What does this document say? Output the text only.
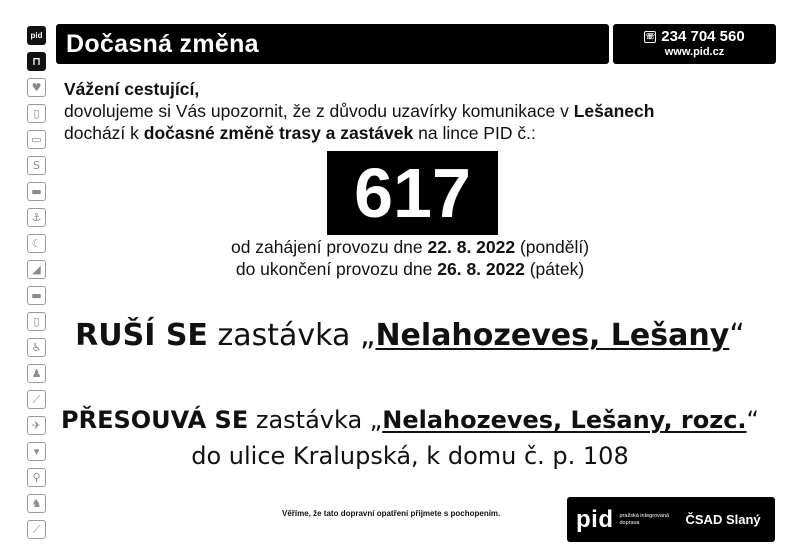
pid
⊓
♥
▯
▭
S
▬
⚓
☾
◢
▬
▯
♿
♟
⟋
✈
▾
⚲
♞
⟋
Dočasná změna	☏ 234 704 560
www.pid.cz
Vážení cestující,
dovolujeme si Vás upozornit, že z důvodu uzavírky komunikace v Lešanech
dochází k dočasné změně trasy a zastávek na lince PID č.:
617
od zahájení provozu dne 22. 8. 2022 (pondělí)
do ukončení provozu dne 26. 8. 2022 (pátek)
RUŠÍ SE zastávka „Nelahozeves, Lešany“
PŘESOUVÁ SE zastávka „Nelahozeves, Lešany, rozc.“
do ulice Kralupská, k domu č. p. 108
Věříme, že tato dopravní opatření přijmete s pochopením.	pid pražská integrovaná doprava	ČSAD Slaný
